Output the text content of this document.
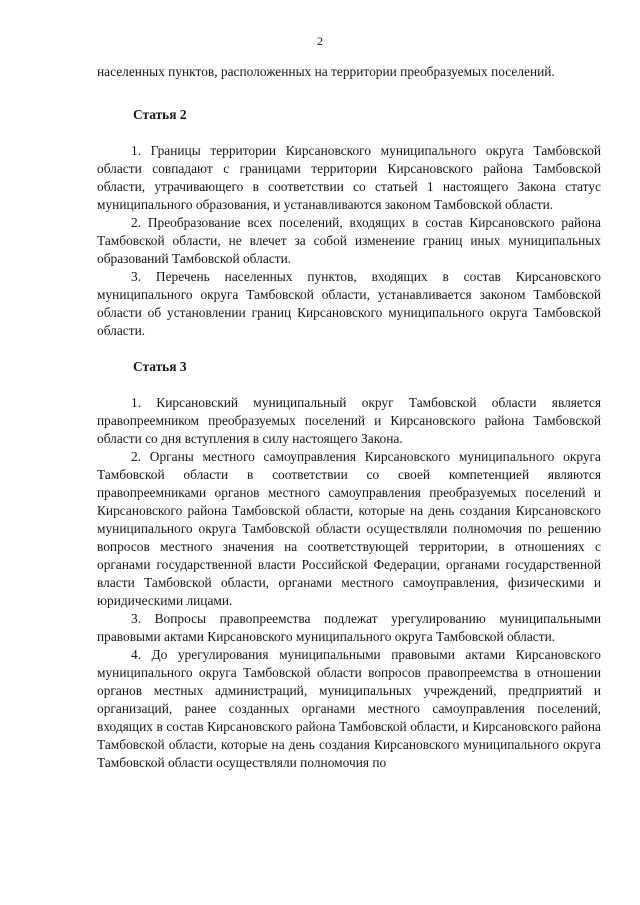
2

населенных пунктов, расположенных на территории преобразуемых поселений.

Статья 2

1. Границы территории Кирсановского муниципального округа Тамбовской области совпадают с границами территории Кирсановского района Тамбовской области, утрачивающего в соответствии со статьей 1 настоящего Закона статус муниципального образования, и устанавливаются законом Тамбовской области.

2. Преобразование всех поселений, входящих в состав Кирсановского района Тамбовской области, не влечет за собой изменение границ иных муниципальных образований Тамбовской области.

3. Перечень населенных пунктов, входящих в состав Кирсановского муниципального округа Тамбовской области, устанавливается законом Тамбовской области об установлении границ Кирсановского муниципального округа Тамбовской области.

Статья 3

1. Кирсановский муниципальный округ Тамбовской области является правопреемником преобразуемых поселений и Кирсановского района Тамбовской области со дня вступления в силу настоящего Закона.

2. Органы местного самоуправления Кирсановского муниципального округа Тамбовской области в соответствии со своей компетенцией являются правопреемниками органов местного самоуправления преобразуемых поселений и Кирсановского района Тамбовской области, которые на день создания Кирсановского муниципального округа Тамбовской области осуществляли полномочия по решению вопросов местного значения на соответствующей территории, в отношениях с органами государственной власти Российской Федерации, органами государственной власти Тамбовской области, органами местного самоуправления, физическими и юридическими лицами.

3. Вопросы правопреемства подлежат урегулированию муниципальными правовыми актами Кирсановского муниципального округа Тамбовской области.

4. До урегулирования муниципальными правовыми актами Кирсановского муниципального округа Тамбовской области вопросов правопреемства в отношении органов местных администраций, муниципальных учреждений, предприятий и организаций, ранее созданных органами местного самоуправления поселений, входящих в состав Кирсановского района Тамбовской области, и Кирсановского района Тамбовской области, которые на день создания Кирсановского муниципального округа Тамбовской области осуществляли полномочия по
